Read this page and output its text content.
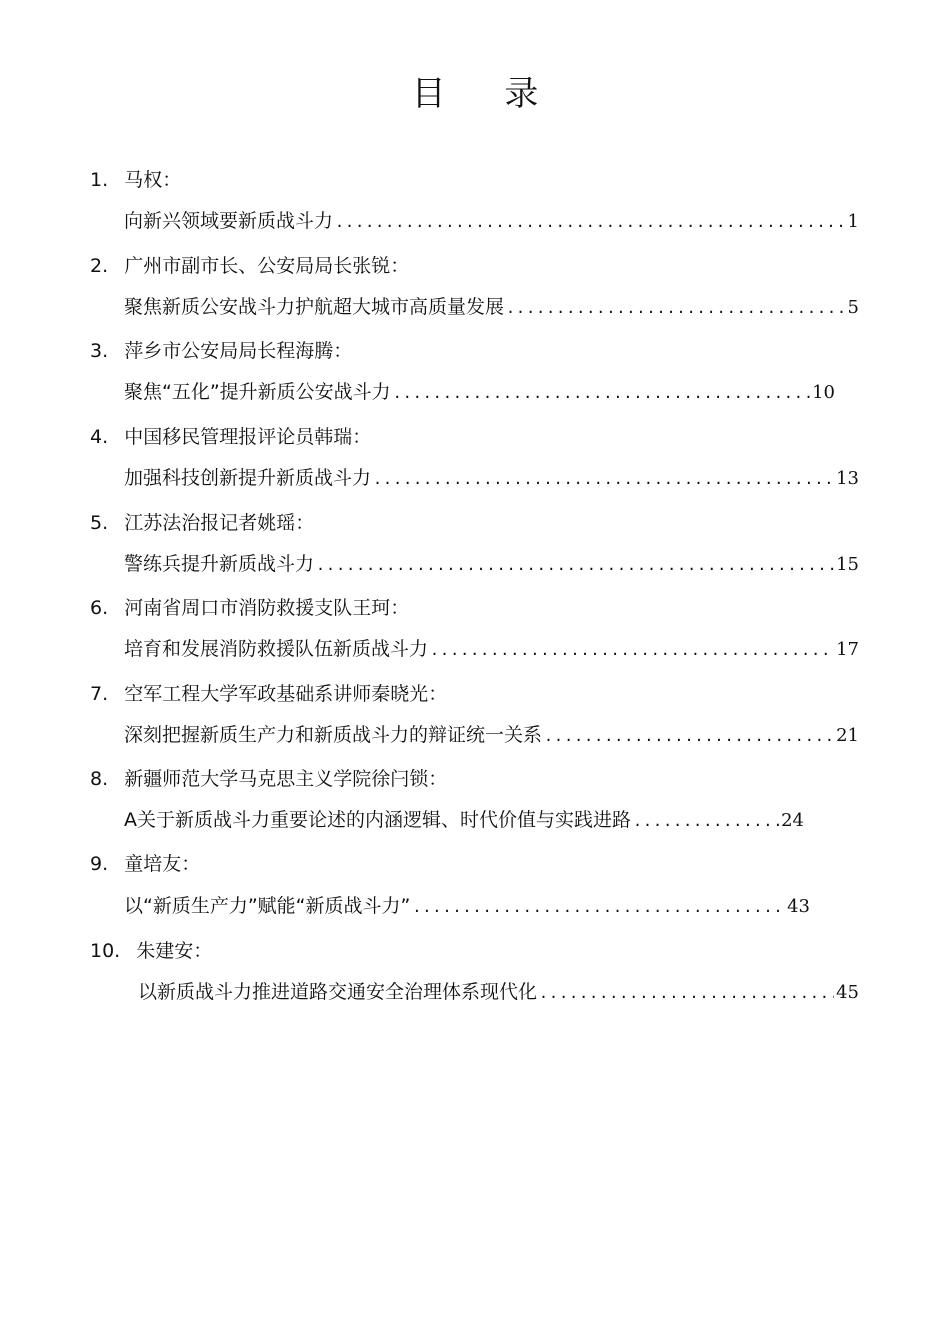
目 录
1. 马权：
向新兴领域要新质战斗力 .....	1
2. 广州市副市长、公安局局长张锐：
聚焦新质公安战斗力护航超大城市高质量发展 .....	5
3. 萍乡市公安局局长程海腾：
聚焦“五化”提升新质公安战斗力 .....	10
4. 中国移民管理报评论员韩瑞：
加强科技创新提升新质战斗力 .....	13
5. 江苏法治报记者姚瑶：
警练兵提升新质战斗力 .....	15
6. 河南省周口市消防救援支队王珂：
培育和发展消防救援队伍新质战斗力 .....	17
7. 空军工程大学军政基础系讲师秦晓光：
深刻把握新质生产力和新质战斗力的辩证统一关系 .....	21
8. 新疆师范大学马克思主义学院徐闩锁：
A关于新质战斗力重要论述的内涵逻辑、时代价值与实践进路 .....	24
9. 童培友：
以“新质生产力”赋能“新质战斗力” .....	43
10. 朱建安：
以新质战斗力推进道路交通安全治理体系现代化 .....	45
